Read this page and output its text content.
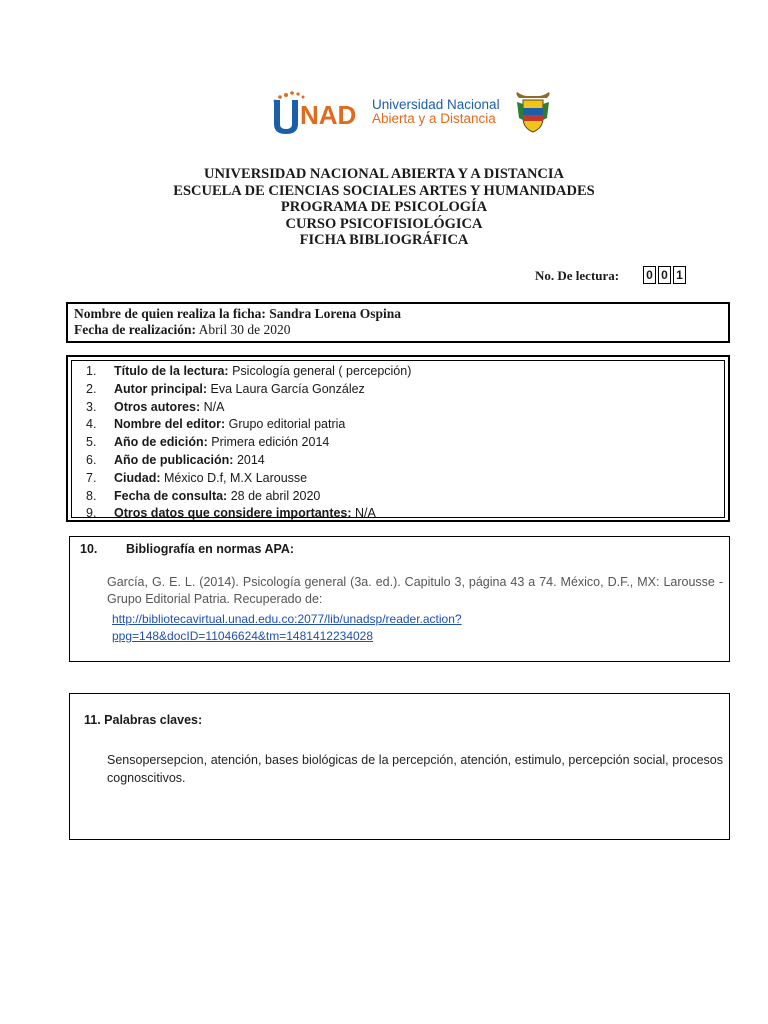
NAD Universidad Nacional

Abierta y a Distancia

UNIVERSIDAD NACIONAL ABIERTA Y A DISTANCIA
ESCUELA DE CIENCIAS SOCIALES ARTES Y HUMANIDADES
PROGRAMA DE PSICOLOGÍA
CURSO PSICOFISIOLÓGICA
FICHA BIBLIOGRÁFICA
No. De lectura: 0 0 1
Nombre de quien realiza la ficha: Sandra Lorena Ospina
Fecha de realización: Abril 30 de 2020
1. Título de la lectura: Psicología general ( percepción)
2. Autor principal: Eva Laura García González
3. Otros autores: N/A
4. Nombre del editor: Grupo editorial patria
5. Año de edición: Primera edición 2014
6. Año de publicación: 2014
7. Ciudad: México D.f, M.X Larousse
8. Fecha de consulta: 28 de abril 2020
9. Otros datos que considere importantes: N/A
10. Bibliografía en normas APA:
García, G. E. L. (2014). Psicología general (3a. ed.). Capitulo 3, página 43 a 74. México, D.F., MX: Larousse - Grupo Editorial Patria. Recuperado de:
http://bibliotecavirtual.unad.edu.co:2077/lib/unadsp/reader.action?
ppg=148&docID=11046624&tm=1481412234028
11. Palabras claves:
Sensopersepcion, atención, bases biológicas de la percepción, atención, estimulo, percepción social, procesos cognoscitivos.
